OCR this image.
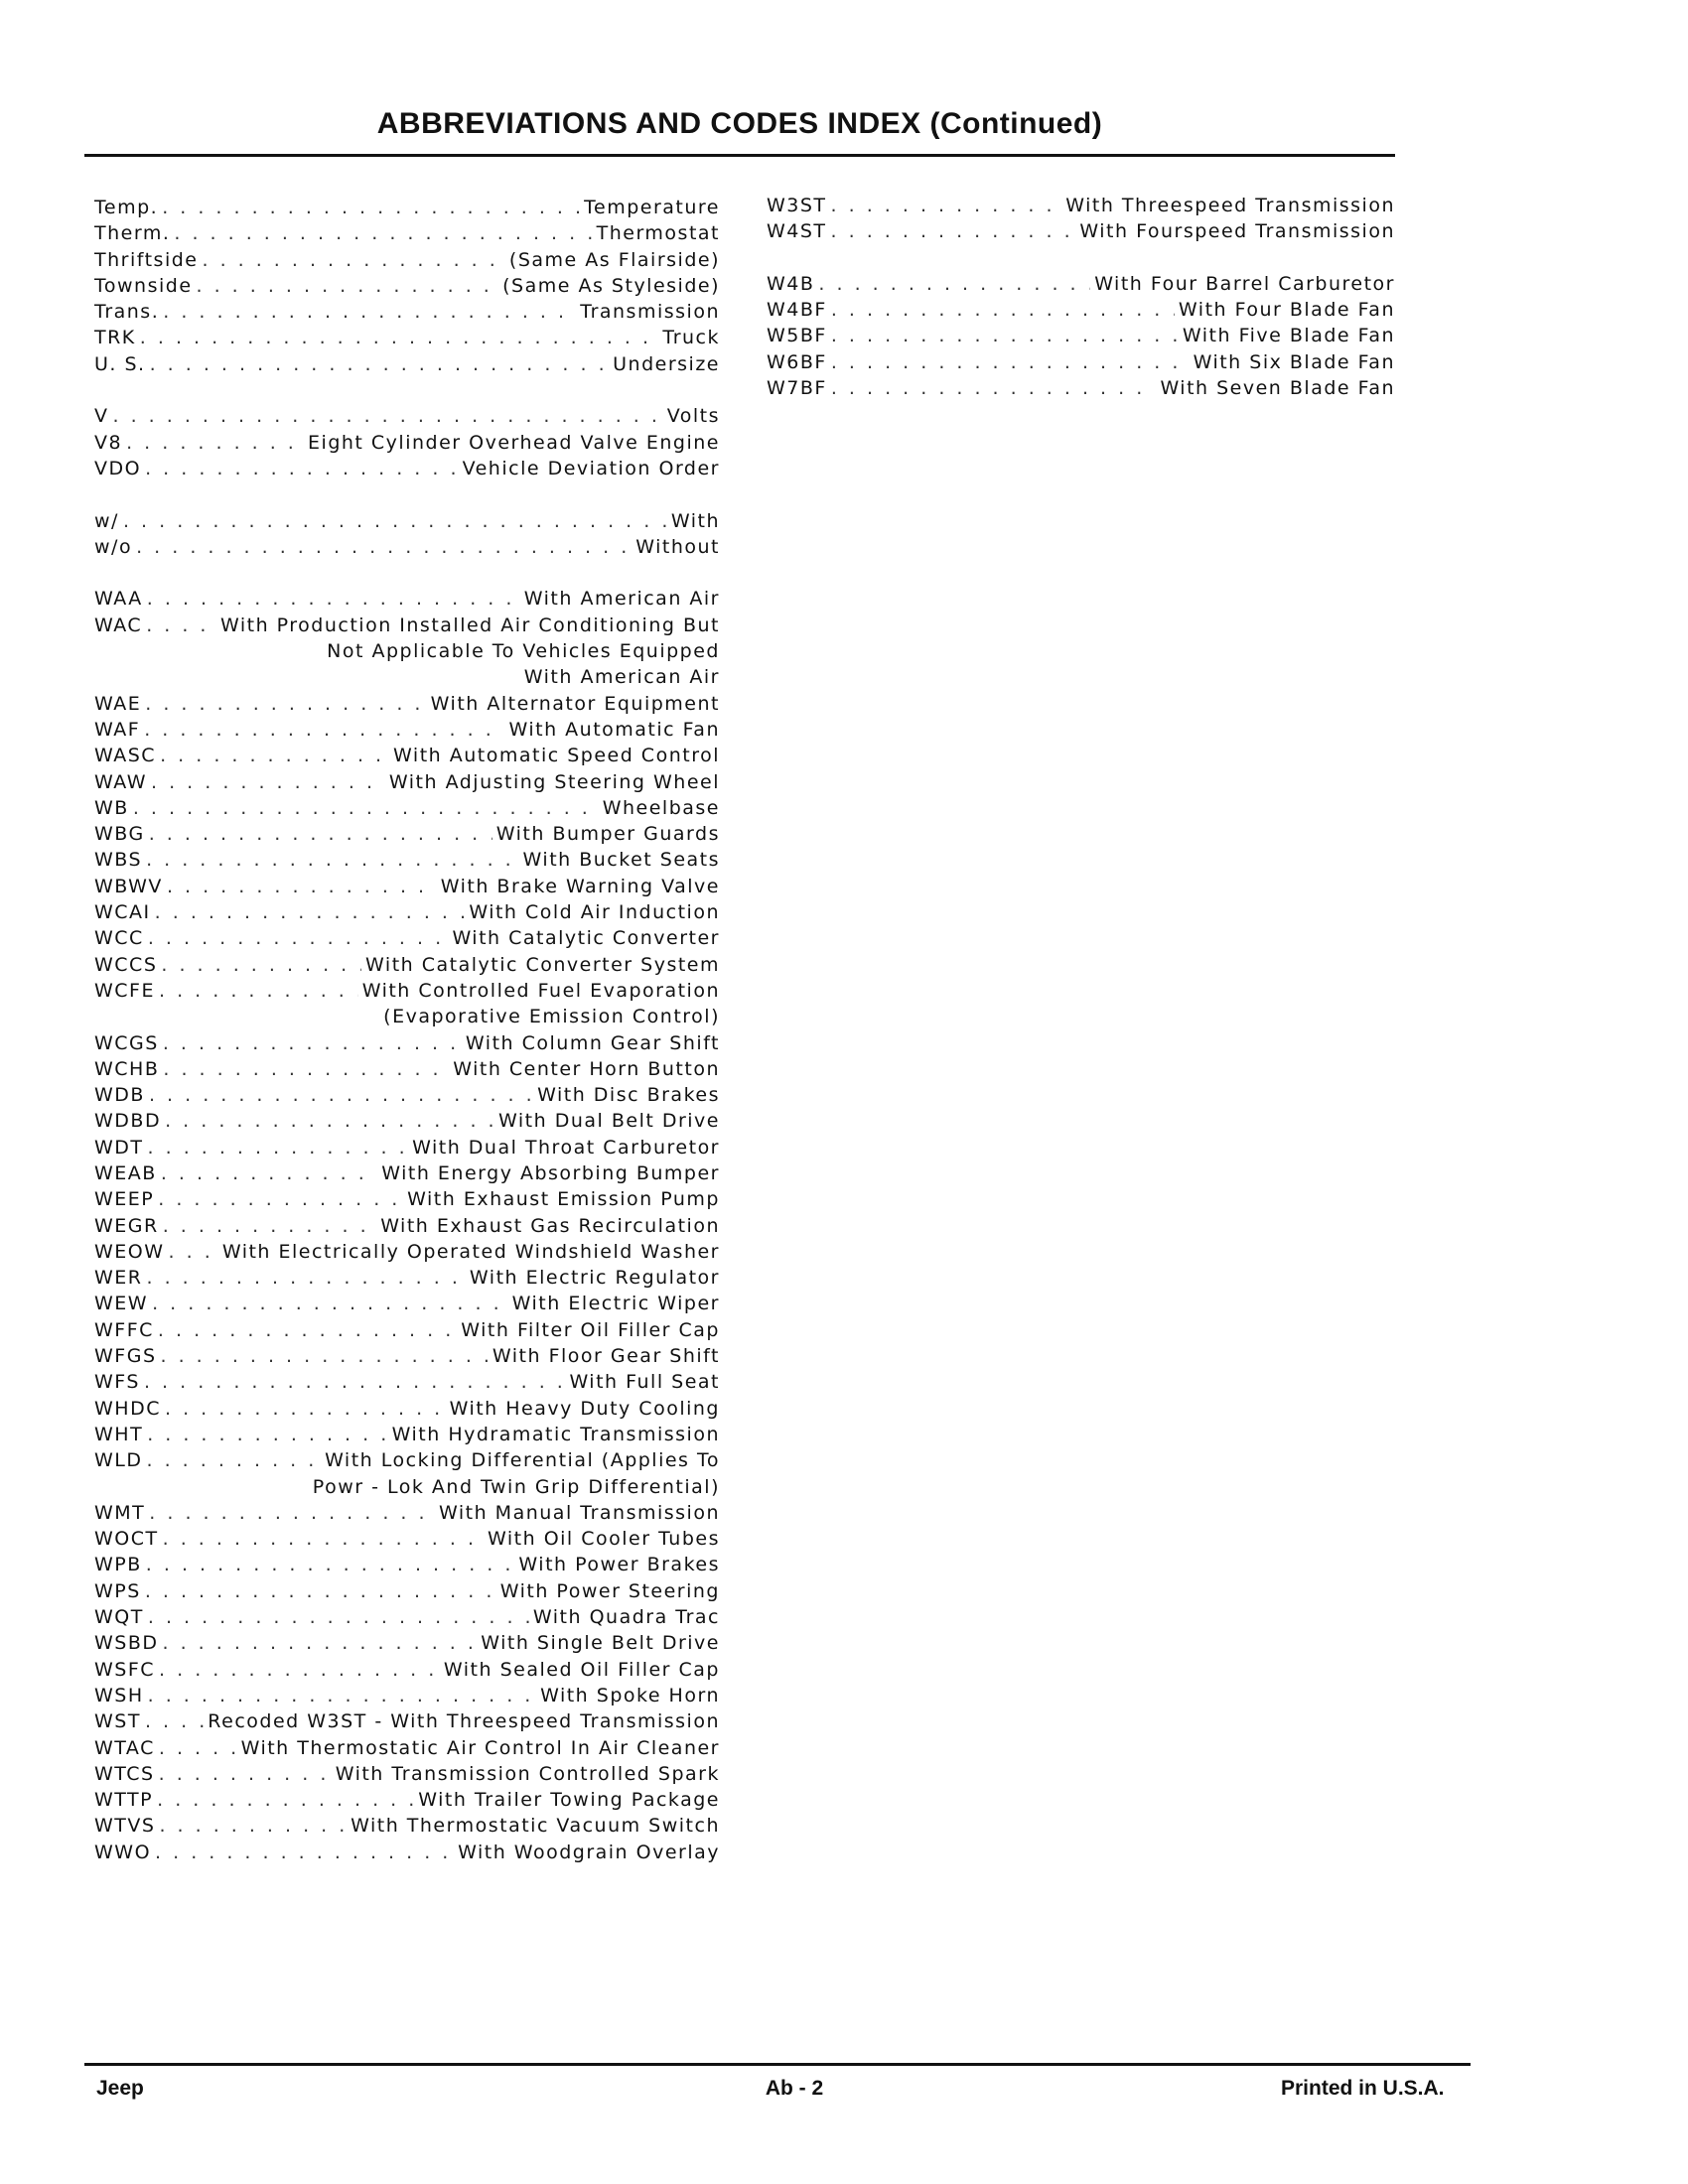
ABBREVIATIONS AND CODES INDEX (Continued)
Temp. . . .	Temperature
Therm. . . .	Thermostat
Thriftside . . .	(Same As Flairside)
Townside . . .	(Same As Styleside)
Trans. . . .	Transmission
TRK . . .	Truck
U. S. . . .	Undersize
V . . .	Volts
V8 . . .	Eight Cylinder Overhead Valve Engine
VDO . . .	Vehicle Deviation Order
w/ . . .	With
w/o . . .	Without
WAA . . .	With American Air
WAC . . .	With Production Installed Air Conditioning But
Not Applicable To Vehicles Equipped
With American Air
WAE . . .	With Alternator Equipment
WAF . . .	With Automatic Fan
WASC . . .	With Automatic Speed Control
WAW . . .	With Adjusting Steering Wheel
WB . . .	Wheelbase
WBG . . .	With Bumper Guards
WBS . . .	With Bucket Seats
WBWV . . .	With Brake Warning Valve
WCAI . . .	With Cold Air Induction
WCC . . .	With Catalytic Converter
WCCS . . .	With Catalytic Converter System
WCFE . . .	With Controlled Fuel Evaporation
(Evaporative Emission Control)
WCGS . . .	With Column Gear Shift
WCHB . . .	With Center Horn Button
WDB . . .	With Disc Brakes
WDBD . . .	With Dual Belt Drive
WDT . . .	With Dual Throat Carburetor
WEAB . . .	With Energy Absorbing Bumper
WEEP . . .	With Exhaust Emission Pump
WEGR . . .	With Exhaust Gas Recirculation
WEOW . . .	With Electrically Operated Windshield Washer
WER . . .	With Electric Regulator
WEW . . .	With Electric Wiper
WFFC . . .	With Filter Oil Filler Cap
WFGS . . .	With Floor Gear Shift
WFS . . .	With Full Seat
WHDC . . .	With Heavy Duty Cooling
WHT . . .	With Hydramatic Transmission
WLD . . .	With Locking Differential (Applies To
Powr - Lok And Twin Grip Differential)
WMT . . .	With Manual Transmission
WOCT . . .	With Oil Cooler Tubes
WPB . . .	With Power Brakes
WPS . . .	With Power Steering
WQT . . .	With Quadra Trac
WSBD . . .	With Single Belt Drive
WSFC . . .	With Sealed Oil Filler Cap
WSH . . .	With Spoke Horn
WST . . .	Recoded W3ST - With Threespeed Transmission
WTAC . . .	With Thermostatic Air Control In Air Cleaner
WTCS . . .	With Transmission Controlled Spark
WTTP . . .	With Trailer Towing Package
WTVS . . .	With Thermostatic Vacuum Switch
WWO . . .	With Woodgrain Overlay
W3ST . . .	With Threespeed Transmission
W4ST . . .	With Fourspeed Transmission
W4B . . .	With Four Barrel Carburetor
W4BF . . .	With Four Blade Fan
W5BF . . .	With Five Blade Fan
W6BF . . .	With Six Blade Fan
W7BF . . .	With Seven Blade Fan
Jeep	Ab - 2	Printed in U.S.A.
